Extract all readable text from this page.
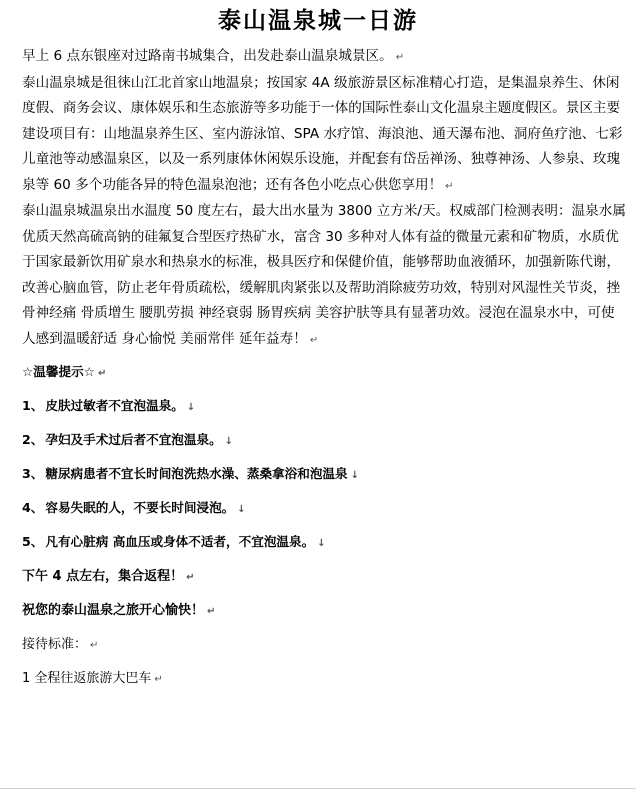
泰山温泉城一日游

早上 6 点东银座对过路南书城集合，出发赴泰山温泉城景区。 ↵

泰山温泉城是徂徕山江北首家山地温泉；按国家 4A 级旅游景区标准精心打造，是集温泉养生、休闲度假、商务会议、康体娱乐和生态旅游等多功能于一体的国际性泰山文化温泉主题度假区。景区主要建设项目有：山地温泉养生区、室内游泳馆、SPA 水疗馆、海浪池、通天瀑布池、洞府鱼疗池、七彩儿童池等动感温泉区，以及一系列康体休闲娱乐设施，并配套有岱岳禅汤、独尊神汤、人参泉、玫瑰泉等 60 多个功能各异的特色温泉泡池；还有各色小吃点心供您享用！ ↵

泰山温泉城温泉出水温度 50 度左右，最大出水量为 3800 立方米/天。权威部门检测表明：温泉水属优质天然高硫高钠的硅氟复合型医疗热矿水，富含 30 多种对人体有益的微量元素和矿物质，水质优于国家最新饮用矿泉水和热泉水的标准，极具医疗和保健价值，能够帮助血液循环，加强新陈代谢，改善心脑血管，防止老年骨质疏松，缓解肌肉紧张以及帮助消除疲劳功效，特别对风湿性关节炎，挫骨神经痛 骨质增生 腰肌劳损 神经衰弱 肠胃疾病 美容护肤等具有显著功效。浸泡在温泉水中，可使人感到温暖舒适 身心愉悦 美丽常伴 延年益寿！ ↵

☆温馨提示☆ ↵
1、 皮肤过敏者不宜泡温泉。 ↓
2、 孕妇及手术过后者不宜泡温泉。 ↓
3、 糖尿病患者不宜长时间泡洗热水澡、蒸桑拿浴和泡温泉 ↓
4、 容易失眠的人，不要长时间浸泡。 ↓
5、 凡有心脏病 高血压或身体不适者，不宜泡温泉。 ↓
下午 4 点左右，集合返程！ ↵
祝您的泰山温泉之旅开心愉快！ ↵
接待标准： ↵
1 全程往返旅游大巴车 ↵
